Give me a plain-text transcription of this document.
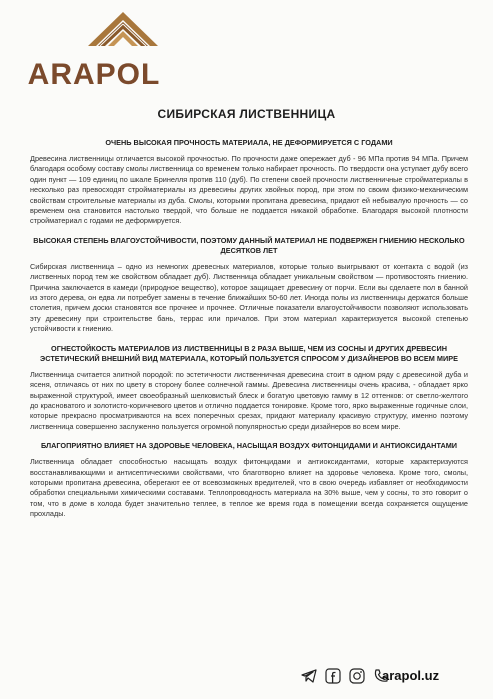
ARAPOL
СИБИРСКАЯ ЛИСТВЕННИЦА

ОЧЕНЬ ВЫСОКАЯ ПРОЧНОСТЬ МАТЕРИАЛА, НЕ ДЕФОРМИРУЕТСЯ С ГОДАМИ

Древесина лиственницы отличается высокой прочностью. По прочности даже опережает дуб - 96 МПа против 94 МПа. Причем благодаря особому составу смолы лиственница со временем только набирает прочность. По твердости она уступает дубу всего один пункт — 109 единиц по шкале Бринелля против 110 (дуб). По степени своей прочности лиственничные стройматериалы в несколько раз превосходят стройматериалы из древесины других хвойных пород, при этом по своим физико-механическим свойствам строительные материалы из дуба. Смолы, которыми пропитана древесина, придают ей небывалую прочность — со временем она становится настолько твердой, что больше не поддается никакой обработке. Благодаря высокой плотности стройматериал с годами не деформируется.

ВЫСОКАЯ СТЕПЕНЬ ВЛАГОУСТОЙЧИВОСТИ, ПОЭТОМУ ДАННЫЙ МАТЕРИАЛ НЕ ПОДВЕРЖЕН ГНИЕНИЮ НЕСКОЛЬКО ДЕСЯТКОВ ЛЕТ

Сибирская лиственница – одно из немногих древесных материалов, которые только выигрывают от контакта с водой (из лиственных пород тем же свойством обладает дуб). Лиственница обладает уникальным свойством — противостоять гниению. Причина заключается в камеди (природное вещество), которое защищает древесину от порчи. Если вы сделаете пол в банной из этого дерева, он едва ли потребует замены в течение ближайших 50-60 лет. Иногда полы из лиственницы держатся больше столетия, причем доски становятся все прочнее и прочнее. Отличные показатели влагоустойчивости позволяют использовать эту древесину при строительстве бань, террас или причалов. При этом материал характеризуется высокой степенью устойчивости к гниению.

ОГНЕСТОЙКОСТЬ МАТЕРИАЛОВ ИЗ ЛИСТВЕННИЦЫ В 2 РАЗА ВЫШЕ, ЧЕМ ИЗ СОСНЫ И ДРУГИХ ДРЕВЕСИН

ЭСТЕТИЧЕСКИЙ ВНЕШНИЙ ВИД МАТЕРИАЛА, КОТОРЫЙ ПОЛЬЗУЕТСЯ СПРОСОМ У ДИЗАЙНЕРОВ ВО ВСЕМ МИРЕ

Лиственница считается элитной породой: по эстетичности лиственничная древесина стоит в одном ряду с древесиной дуба и ясеня, отличаясь от них по цвету в сторону более солнечной гаммы. Древесина лиственницы очень красива, - обладает ярко выраженной структурой, имеет своеобразный шелковистый блеск и богатую цветовую гамму в 12 оттенков: от светло-желтого до красноватого и золотисто-коричневого цветов и отлично поддается тонировке. Кроме того, ярко выраженные годичные слои, которые прекрасно просматриваются на всех поперечных срезах, придают материалу красивую структуру, именно поэтому лиственница совершенно заслуженно пользуется огромной популярностью среди дизайнеров во всем мире.

БЛАГОПРИЯТНО ВЛИЯЕТ НА ЗДОРОВЬЕ ЧЕЛОВЕКА, НАСЫЩАЯ ВОЗДУХ ФИТОНЦИДАМИ И АНТИОКСИДАНТАМИ

Лиственница обладает способностью насыщать воздух фитонцидами и антиоксидантами, которые характеризуются восстанавливающими и антисептическими свойствами, что благотворно влияет на здоровье человека. Кроме того, смолы, которыми пропитана древесина, оберегают ее от всевозможных вредителей, что в свою очередь избавляет от необходимости обработки специальными химическими составами. Теплопроводность материала на 30% выше, чем у сосны, то это говорит о том, что в доме в холода будет значительно теплее, в теплое же время года в помещении всегда сохраняется ощущение прохлады.

arapol.uz
